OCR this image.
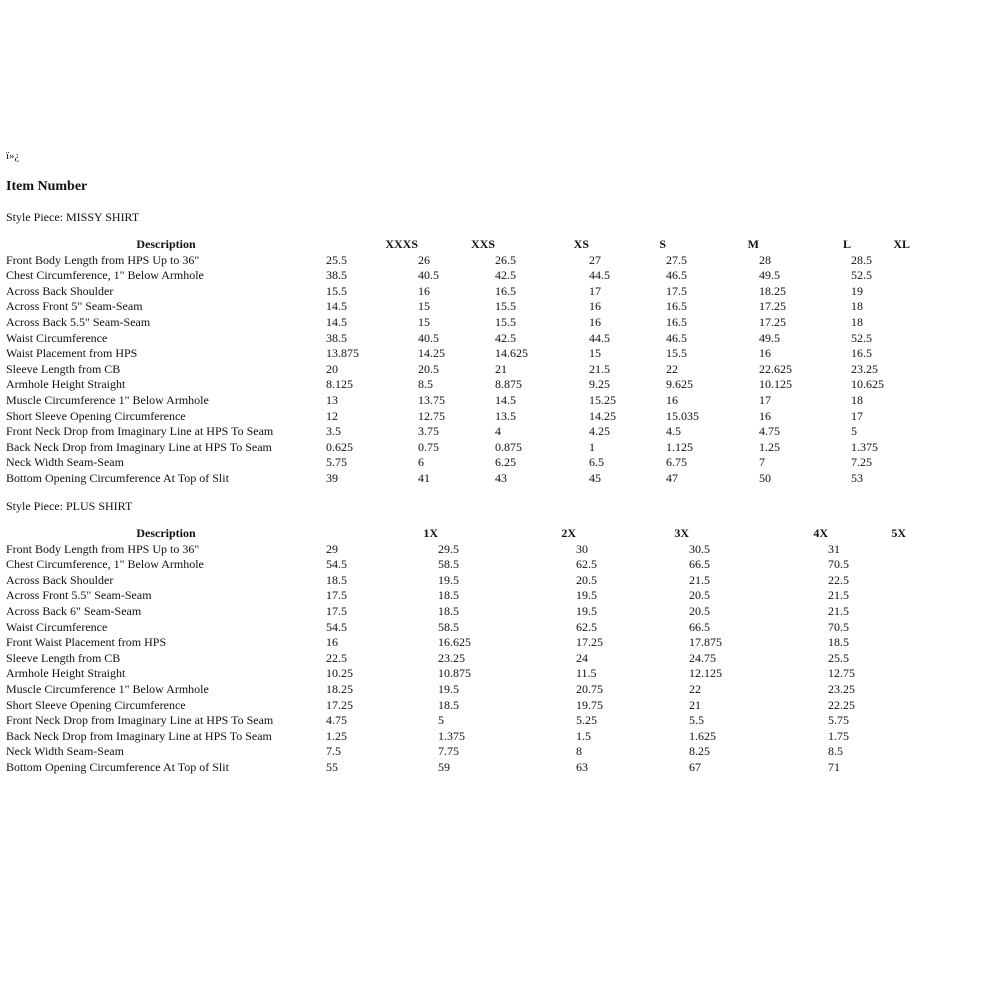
ï»¿
Item Number
Style Piece: MISSY SHIRT
Description	XXXS	XXS	XS	S	M	L	XL
Front Body Length from HPS Up to 36"	25.5	26	26.5	27	27.5	28	28.5
Chest Circumference, 1" Below Armhole	38.5	40.5	42.5	44.5	46.5	49.5	52.5
Across Back Shoulder	15.5	16	16.5	17	17.5	18.25	19
Across Front 5" Seam-Seam	14.5	15	15.5	16	16.5	17.25	18
Across Back 5.5" Seam-Seam	14.5	15	15.5	16	16.5	17.25	18
Waist Circumference	38.5	40.5	42.5	44.5	46.5	49.5	52.5
Waist Placement from HPS	13.875	14.25	14.625	15	15.5	16	16.5
Sleeve Length from CB	20	20.5	21	21.5	22	22.625	23.25
Armhole Height Straight	8.125	8.5	8.875	9.25	9.625	10.125	10.625
Muscle Circumference 1" Below Armhole	13	13.75	14.5	15.25	16	17	18
Short Sleeve Opening Circumference	12	12.75	13.5	14.25	15.035	16	17
Front Neck Drop from Imaginary Line at HPS To Seam	3.5	3.75	4	4.25	4.5	4.75	5
Back Neck Drop from Imaginary Line at HPS To Seam	0.625	0.75	0.875	1	1.125	1.25	1.375
Neck Width Seam-Seam	5.75	6	6.25	6.5	6.75	7	7.25
Bottom Opening Circumference At Top of Slit	39	41	43	45	47	50	53
Style Piece: PLUS SHIRT
Description	1X	2X	3X	4X	5X
Front Body Length from HPS Up to 36"	29	29.5	30	30.5	31
Chest Circumference, 1" Below Armhole	54.5	58.5	62.5	66.5	70.5
Across Back Shoulder	18.5	19.5	20.5	21.5	22.5
Across Front 5.5" Seam-Seam	17.5	18.5	19.5	20.5	21.5
Across Back 6" Seam-Seam	17.5	18.5	19.5	20.5	21.5
Waist Circumference	54.5	58.5	62.5	66.5	70.5
Front Waist Placement from HPS	16	16.625	17.25	17.875	18.5
Sleeve Length from CB	22.5	23.25	24	24.75	25.5
Armhole Height Straight	10.25	10.875	11.5	12.125	12.75
Muscle Circumference 1" Below Armhole	18.25	19.5	20.75	22	23.25
Short Sleeve Opening Circumference	17.25	18.5	19.75	21	22.25
Front Neck Drop from Imaginary Line at HPS To Seam	4.75	5	5.25	5.5	5.75
Back Neck Drop from Imaginary Line at HPS To Seam	1.25	1.375	1.5	1.625	1.75
Neck Width Seam-Seam	7.5	7.75	8	8.25	8.5
Bottom Opening Circumference At Top of Slit	55	59	63	67	71
